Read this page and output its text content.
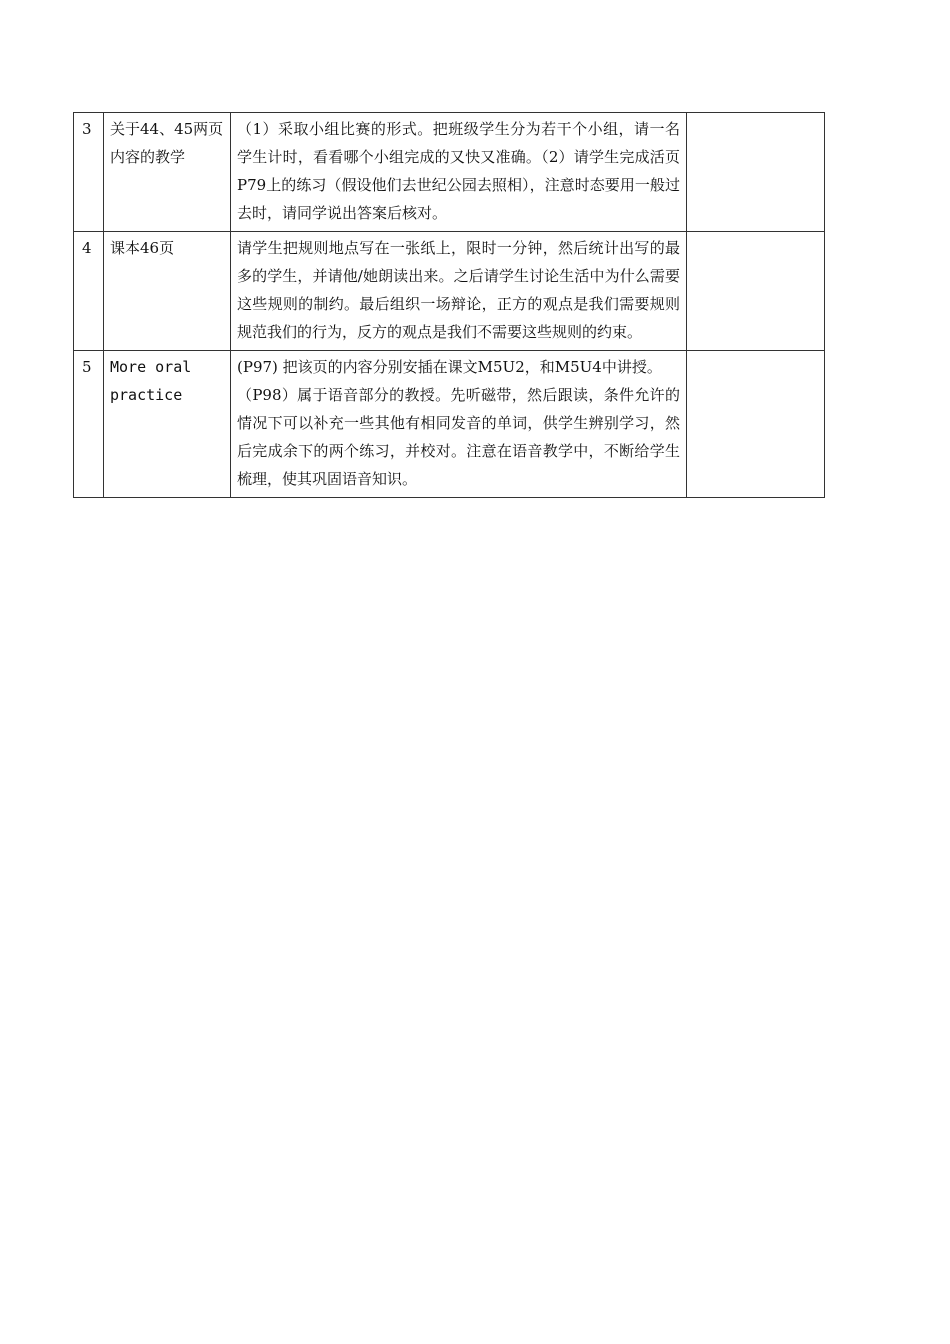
3	关于44、45两页内容的教学	（1）采取小组比赛的形式。把班级学生分为若干个小组，请一名学生计时，看看哪个小组完成的又快又准确。（2）请学生完成活页P79上的练习（假设他们去世纪公园去照相），注意时态要用一般过去时，请同学说出答案后核对。	

4	课本46页	请学生把规则地点写在一张纸上，限时一分钟，然后统计出写的最多的学生，并请他/她朗读出来。之后请学生讨论生活中为什么需要这些规则的制约。最后组织一场辩论，正方的观点是我们需要规则规范我们的行为，反方的观点是我们不需要这些规则的约束。	

5	More oral practice	(P97) 把该页的内容分别安插在课文M5U2，和M5U4中讲授。
（P98）属于语音部分的教授。先听磁带，然后跟读，条件允许的情况下可以补充一些其他有相同发音的单词，供学生辨别学习，然后完成余下的两个练习，并校对。注意在语音教学中，不断给学生梳理，使其巩固语音知识。	
